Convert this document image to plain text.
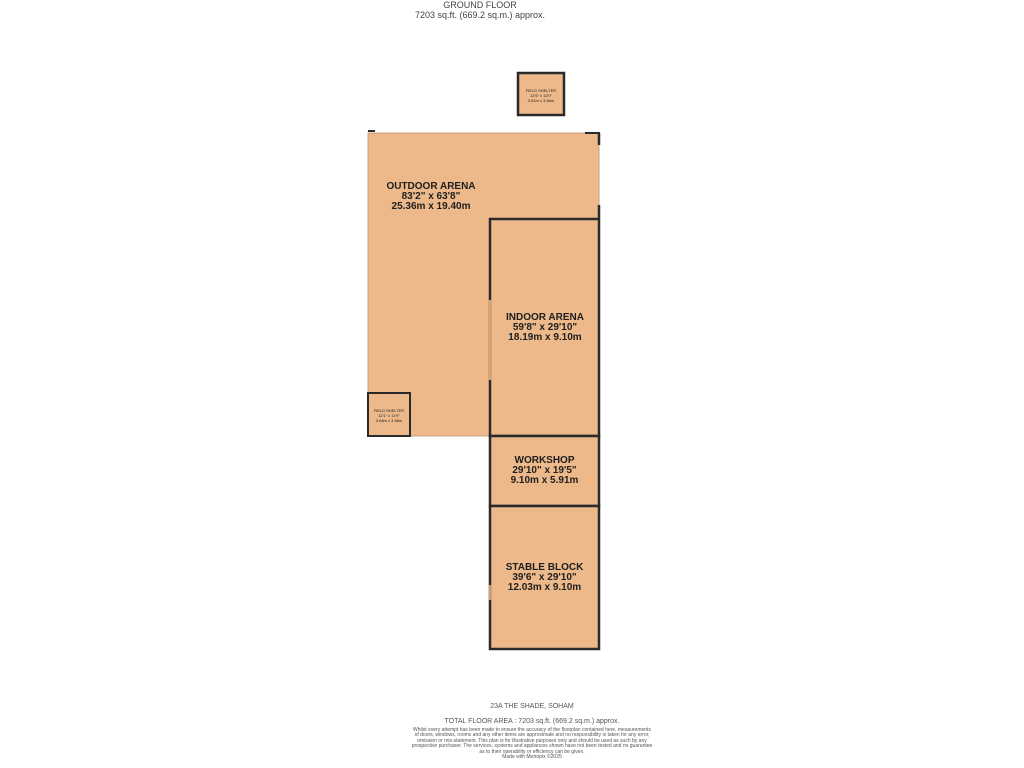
GROUND FLOOR
7203 sq.ft. (669.2 sq.m.) approx.
FIELD SHELTER
12'6" x 12'0"
3.81m x 3.66m
OUTDOOR ARENA
83'2" x 63'8"
25.36m x 19.40m
INDOOR ARENA
59'8" x 29'10"
18.19m x 9.10m
FIELD SHELTER
12'1" x 11'9"
3.68m x 3.58m
WORKSHOP
29'10" x 19'5"
9.10m x 5.91m
STABLE BLOCK
39'6" x 29'10"
12.03m x 9.10m
23A THE SHADE, SOHAM
TOTAL FLOOR AREA : 7203 sq.ft. (669.2 sq.m.) approx.
Whilst every attempt has been made to ensure the accuracy of the floorplan contained here, measurements
of doors, windows, rooms and any other items are approximate and no responsibility is taken for any error,
omission or mis-statement. This plan is for illustrative purposes only and should be used as such by any
prospective purchaser. The services, systems and appliances shown have not been tested and no guarantee
as to their operability or efficiency can be given.
Made with Metropix ©2025
